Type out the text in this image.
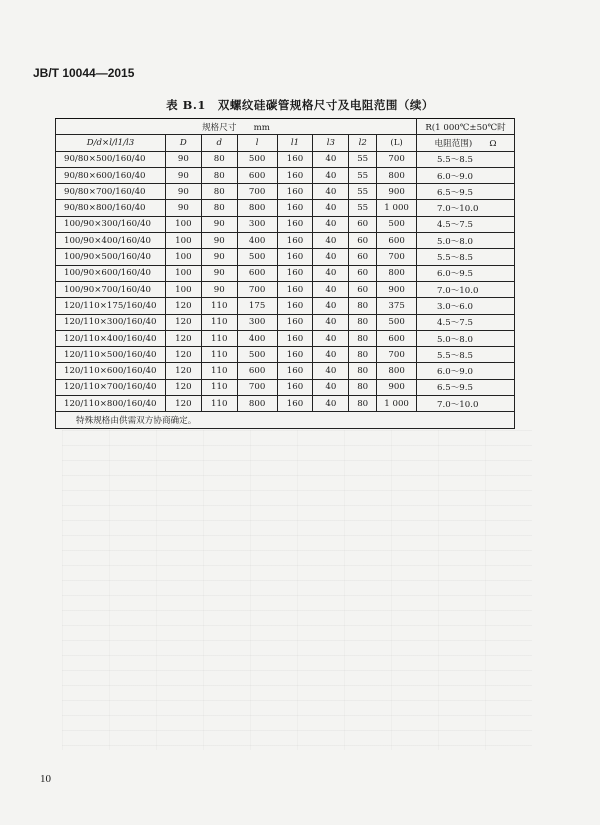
JB/T 10044—2015
表 B.1　双螺纹硅碳管规格尺寸及电阻范围（续）
规格尺寸　　mm								R(1 000℃±50℃时
D/d×l/l1/l3	D	d	l	l1	l3	l2	(L)	电阻范围)　　Ω
90/80×500/160/40	90	80	500	160	40	55	700	5.5～8.5
90/80×600/160/40	90	80	600	160	40	55	800	6.0～9.0
90/80×700/160/40	90	80	700	160	40	55	900	6.5～9.5
90/80×800/160/40	90	80	800	160	40	55	1 000	7.0～10.0
100/90×300/160/40	100	90	300	160	40	60	500	4.5～7.5
100/90×400/160/40	100	90	400	160	40	60	600	5.0～8.0
100/90×500/160/40	100	90	500	160	40	60	700	5.5～8.5
100/90×600/160/40	100	90	600	160	40	60	800	6.0～9.5
100/90×700/160/40	100	90	700	160	40	60	900	7.0～10.0
120/110×175/160/40	120	110	175	160	40	80	375	3.0～6.0
120/110×300/160/40	120	110	300	160	40	80	500	4.5～7.5
120/110×400/160/40	120	110	400	160	40	80	600	5.0～8.0
120/110×500/160/40	120	110	500	160	40	80	700	5.5～8.5
120/110×600/160/40	120	110	600	160	40	80	800	6.0～9.0
120/110×700/160/40	120	110	700	160	40	80	900	6.5～9.5
120/110×800/160/40	120	110	800	160	40	80	1 000	7.0～10.0
特殊规格由供需双方协商确定。								
10
